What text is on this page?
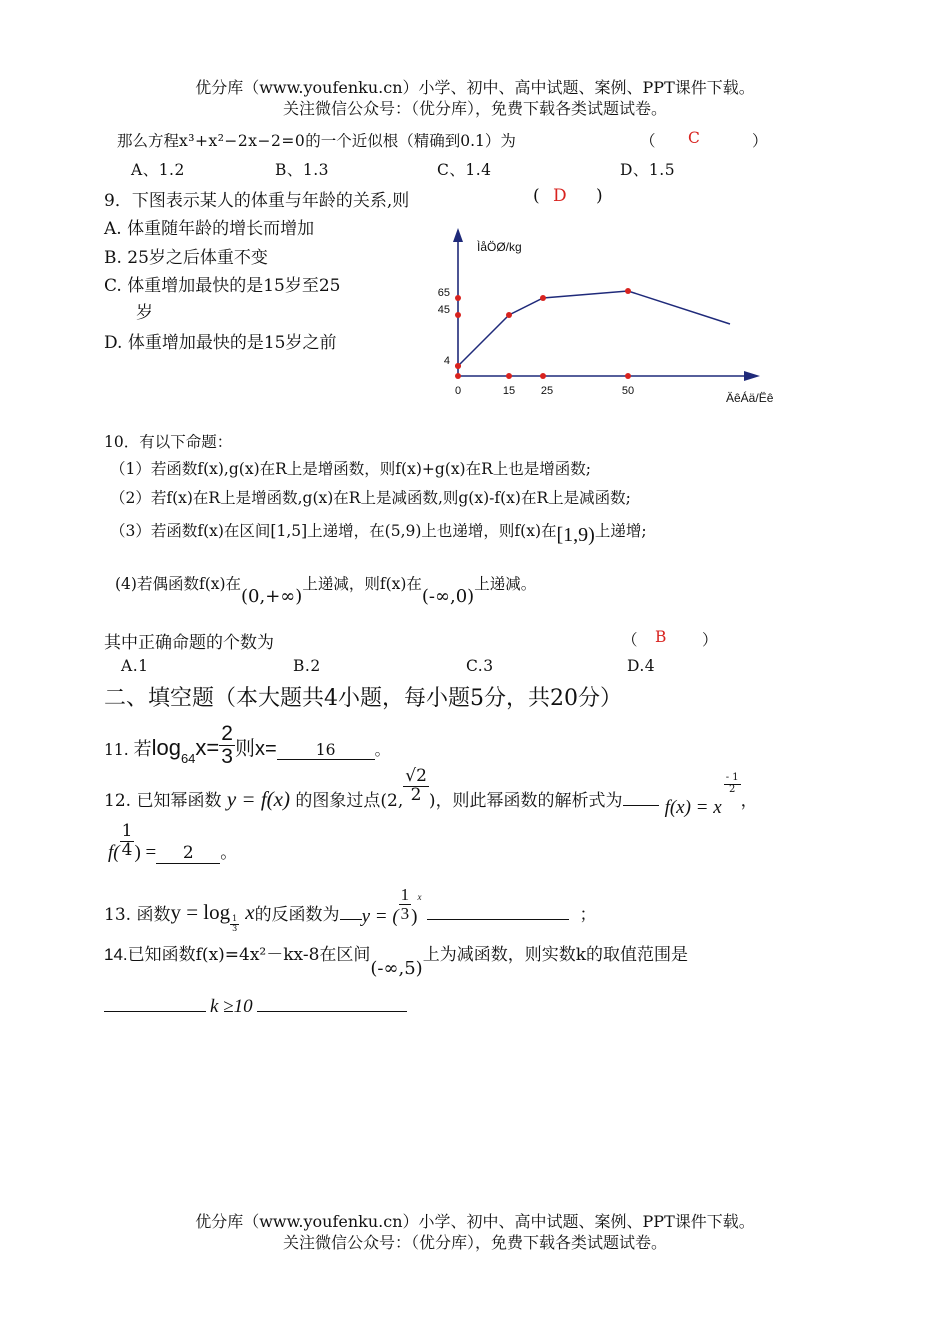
优分库（www.youfenku.cn）小学、初中、高中试题、案例、PPT课件下载。
关注微信公众号：（优分库），免费下载各类试题试卷。
那么方程x³+x²−2x−2=0的一个近似根（精确到0.1）为	（ C	）
A、1.2	B、1.3	C、1.4	D、1.5
9．下图表示某人的体重与年龄的关系,则	( D )
A. 体重随年龄的增长而增加
B. 25岁之后体重不变
C. 体重增加最快的是15岁至25
岁
D. 体重增加最快的是15岁之前
ÌåÖØ/kg
ÄêÁä/Ëê
65
45
4
0	15 25	50
10．有以下命题：
（1）若函数f(x),g(x)在R上是增函数，则f(x)+g(x)在R上也是增函数;
（2）若f(x)在R上是增函数,g(x)在R上是减函数,则g(x)-f(x)在R上是减函数;
（3）若函数f(x)在区间[1,5]上递增，在(5,9)上也递增，则f(x)在[1,9)上递增;
(4)若偶函数f(x)在(0,+∞)上递减，则f(x)在(-∞,0)上递减。
其中正确命题的个数为	（ B ）
A.1	B.2	C.3	D.4
二、填空题（本大题共4小题，每小题5分，共20分）
11. 若$\log_{64}x= \frac{2}{3}$ 则x=	16	。
12. 已知幂函数 y = f(x) 的图象过点(2, $\frac{√2}{2}$ )，则此幂函数的解析式为 f(x) = x
$\frac{- 1}{2}$
，
$f( \frac{1}{4}$ ) = 2 。
13. 函数y = log
$\frac{1}{3}$
x的反函数为 y = ( $\frac{1}{3} )^x$；
14.已知函数f(x)=4x²－kx-8在区间(-∞,5)上为减函数，则实数k的取值范围是
k ≥10
优分库（www.youfenku.cn）小学、初中、高中试题、案例、PPT课件下载。
关注微信公众号：（优分库），免费下载各类试题试卷。
